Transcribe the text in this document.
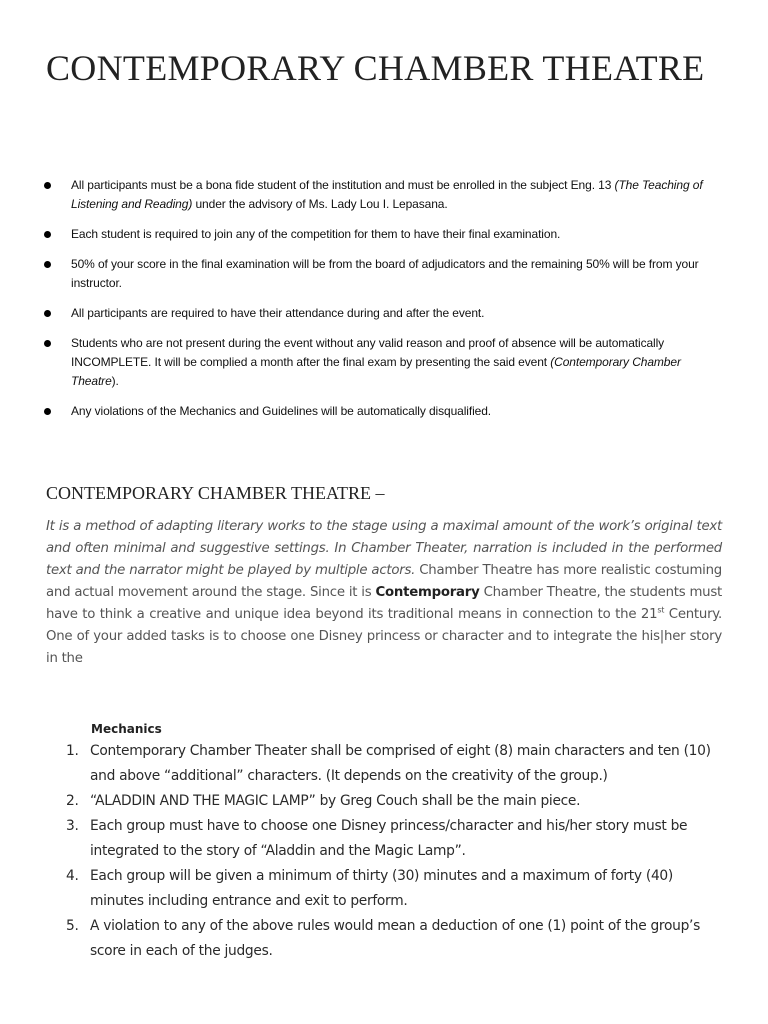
CONTEMPORARY CHAMBER THEATRE
All participants must be a bona fide student of the institution and must be enrolled in the subject Eng. 13 (The Teaching of Listening and Reading) under the advisory of Ms. Lady Lou I. Lepasana.
Each student is required to join any of the competition for them to have their final examination.
50% of your score in the final examination will be from the board of adjudicators and the remaining 50% will be from your instructor.
All participants are required to have their attendance during and after the event.
Students who are not present during the event without any valid reason and proof of absence will be automatically INCOMPLETE. It will be complied a month after the final exam by presenting the said event (Contemporary Chamber Theatre).
Any violations of the Mechanics and Guidelines will be automatically disqualified.
CONTEMPORARY CHAMBER THEATRE –

It is a method of adapting literary works to the stage using a maximal amount of the work’s original text and often minimal and suggestive settings. In Chamber Theater, narration is included in the performed text and the narrator might be played by multiple actors. Chamber Theatre has more realistic costuming and actual movement around the stage. Since it is Contemporary Chamber Theatre, the students must have to think a creative and unique idea beyond its traditional means in connection to the 21st Century. One of your added tasks is to choose one Disney princess or character and to integrate the his|her story in the

Mechanics
1. Contemporary Chamber Theater shall be comprised of eight (8) main characters and ten (10) and above “additional” characters. (It depends on the creativity of the group.)
2. “ALADDIN AND THE MAGIC LAMP” by Greg Couch shall be the main piece.
3. Each group must have to choose one Disney princess/character and his/her story must be integrated to the story of “Aladdin and the Magic Lamp”.
4. Each group will be given a minimum of thirty (30) minutes and a maximum of forty (40) minutes including entrance and exit to perform.
5. A violation to any of the above rules would mean a deduction of one (1) point of the group’s score in each of the judges.
